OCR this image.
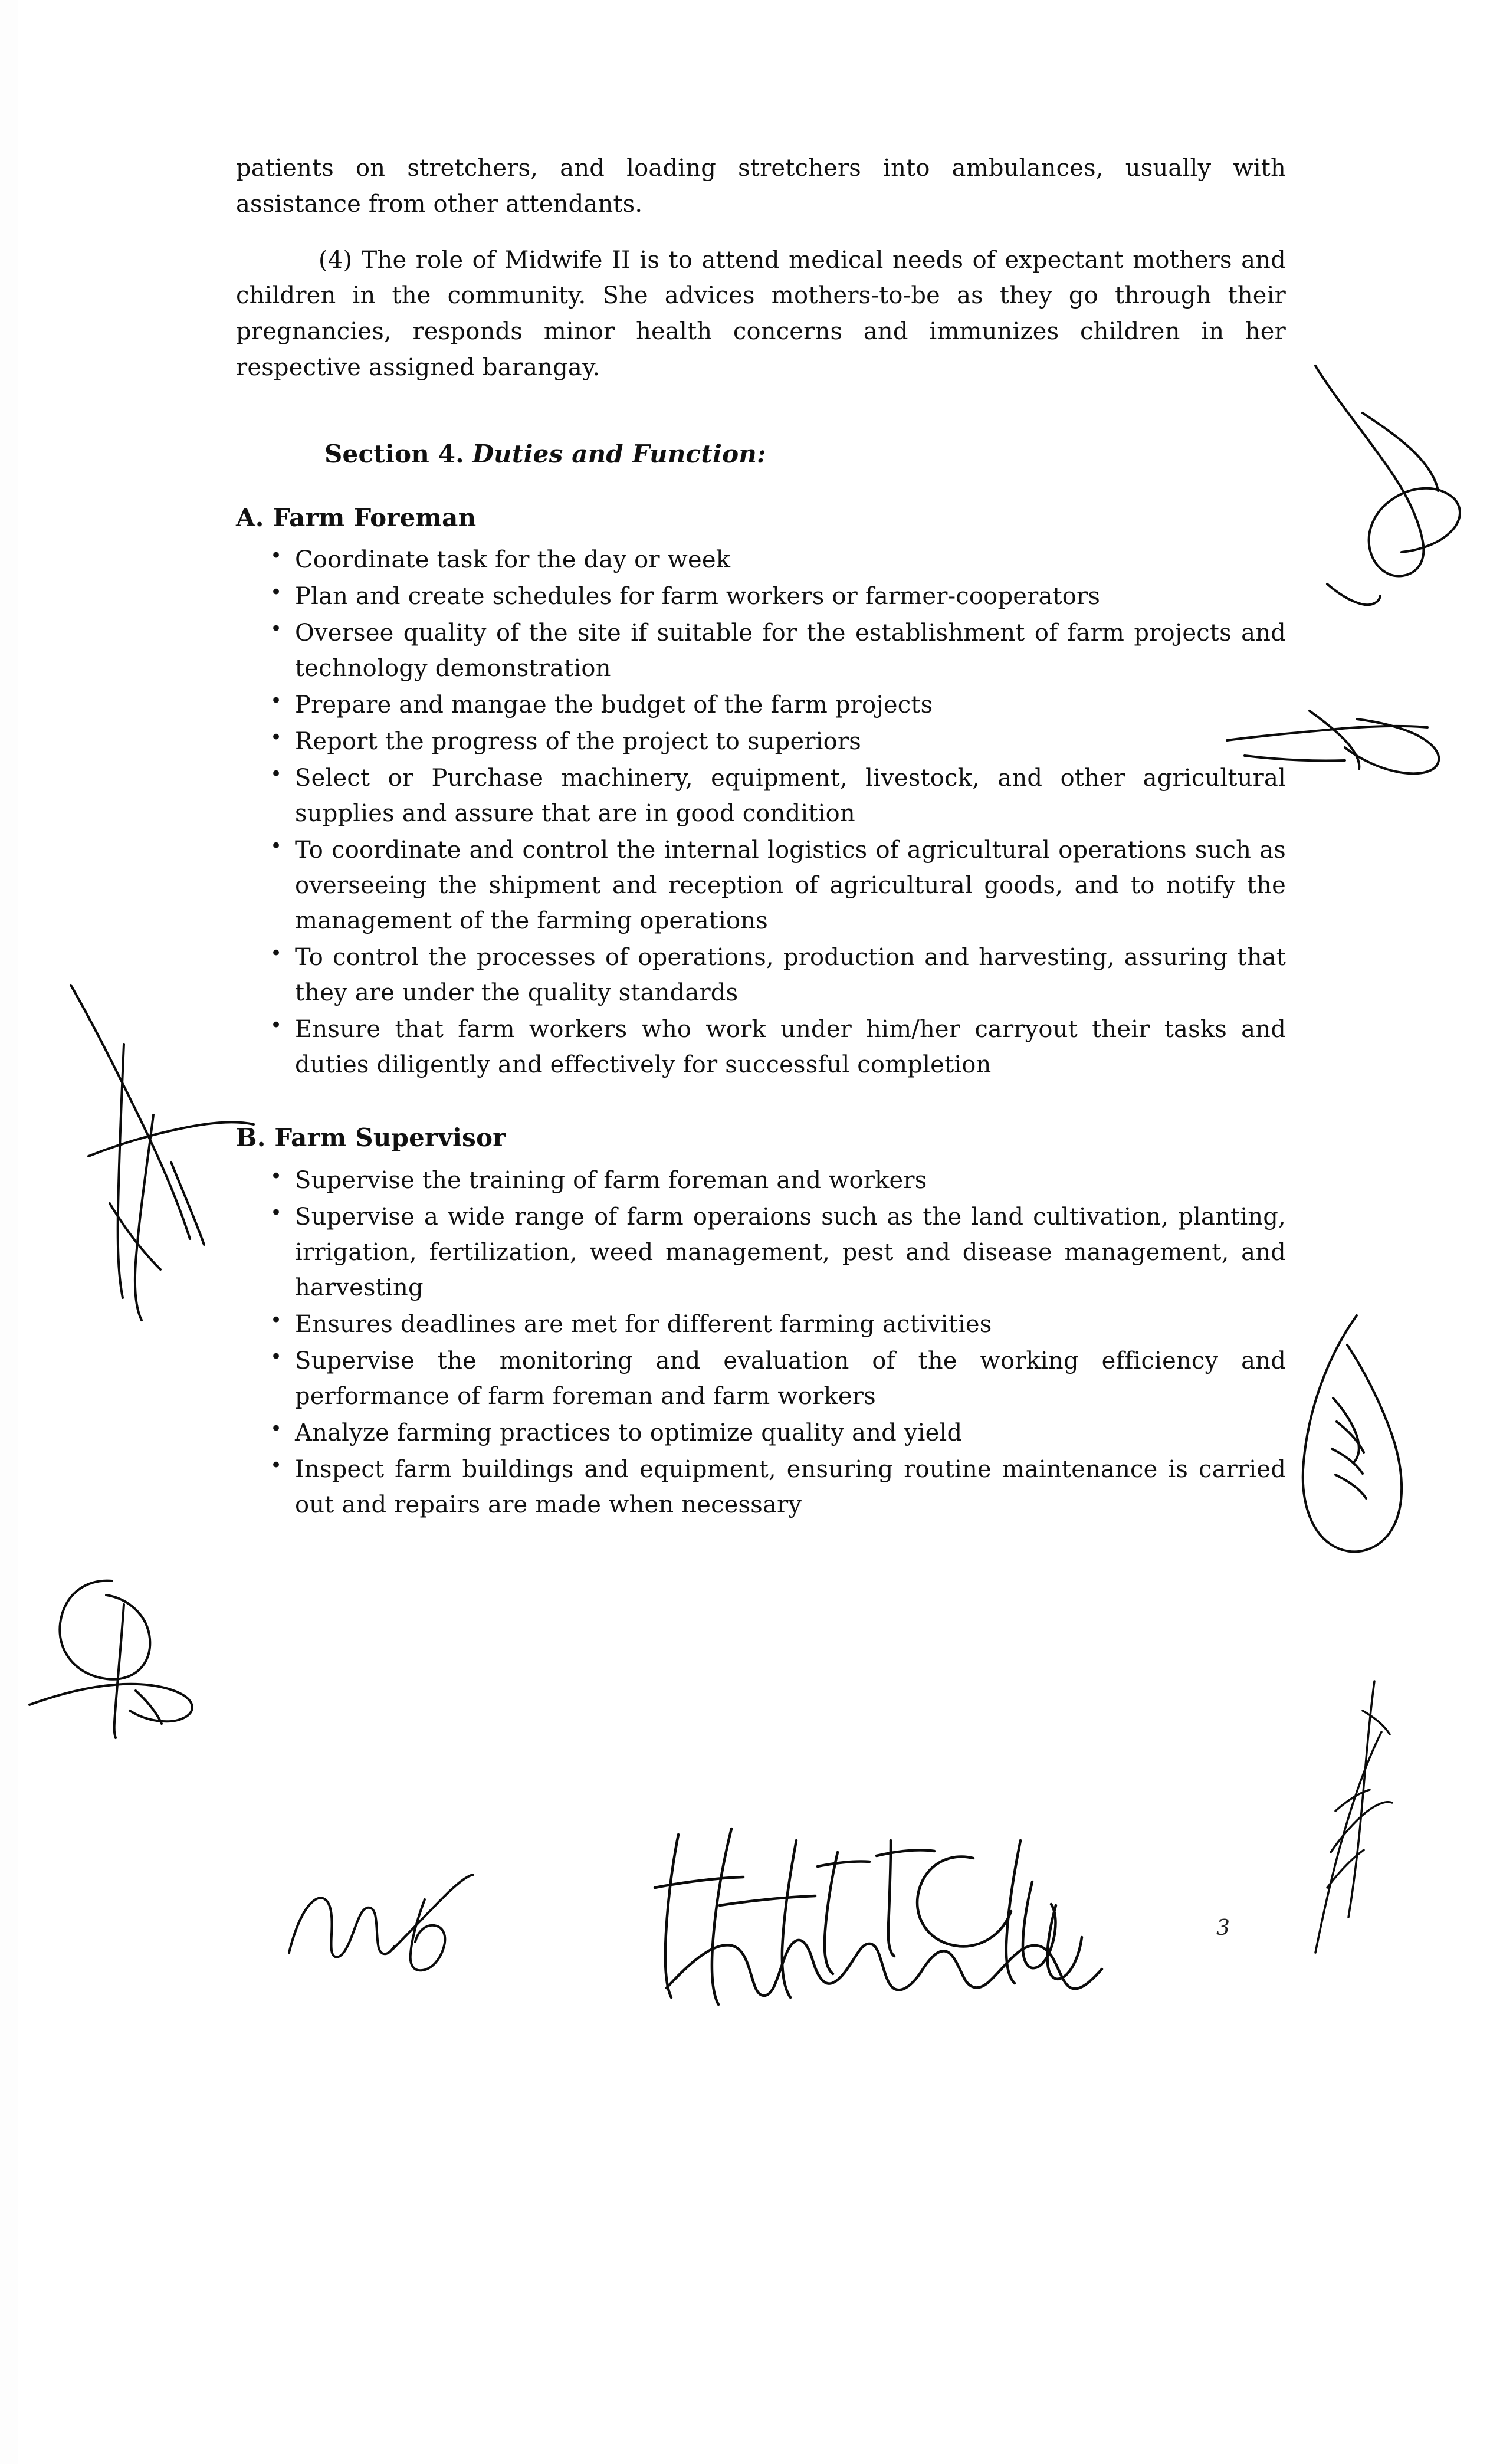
patients on stretchers, and loading stretchers into ambulances, usually with assistance from other attendants.
(4) The role of Midwife II is to attend medical needs of expectant mothers and children in the community. She advices mothers-to-be as they go through their pregnancies, responds minor health concerns and immunizes children in her respective assigned barangay.
Section 4. Duties and Function:
A. Farm Foreman
• Coordinate task for the day or week
• Plan and create schedules for farm workers or farmer-cooperators
• Oversee quality of the site if suitable for the establishment of farm projects and technology demonstration
• Prepare and mangae the budget of the farm projects
• Report the progress of the project to superiors
• Select or Purchase machinery, equipment, livestock, and other agricultural supplies and assure that are in good condition
• To coordinate and control the internal logistics of agricultural operations such as overseeing the shipment and reception of agricultural goods, and to notify the management of the farming operations
• To control the processes of operations, production and harvesting, assuring that they are under the quality standards
• Ensure that farm workers who work under him/her carryout their tasks and duties diligently and effectively for successful completion
B. Farm Supervisor
• Supervise the training of farm foreman and workers
• Supervise a wide range of farm operaions such as the land cultivation, planting, irrigation, fertilization, weed management, pest and disease management, and harvesting
• Ensures deadlines are met for different farming activities
• Supervise the monitoring and evaluation of the working efficiency and performance of farm foreman and farm workers
• Analyze farming practices to optimize quality and yield
• Inspect farm buildings and equipment, ensuring routine maintenance is carried out and repairs are made when necessary
3
